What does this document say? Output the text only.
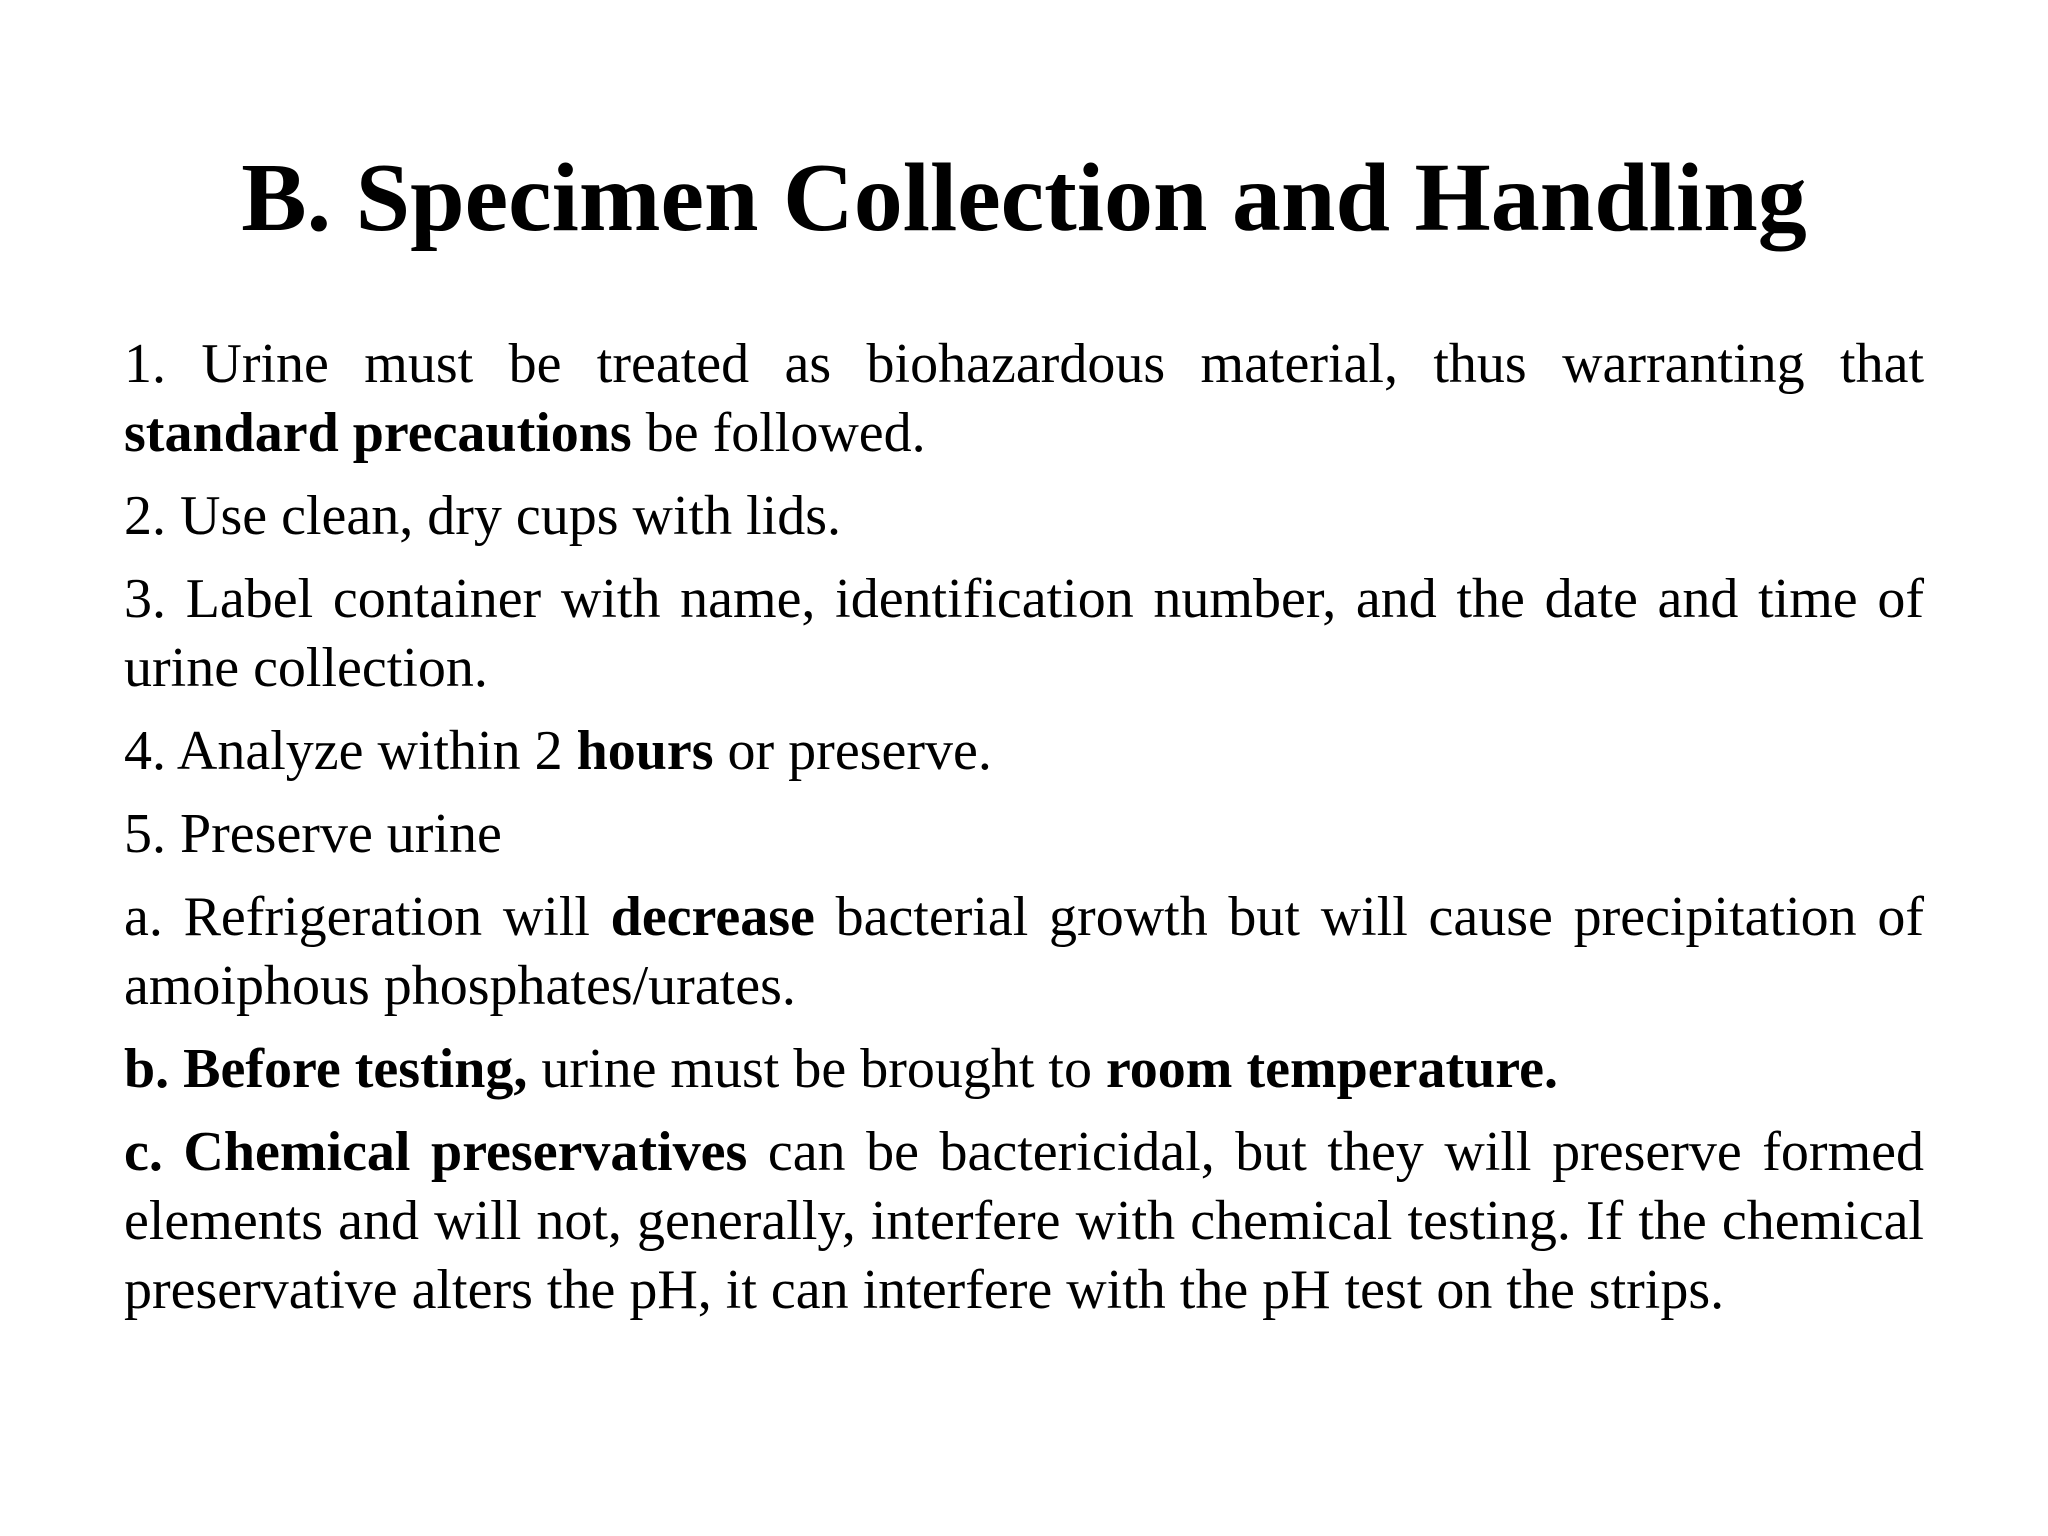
B. Specimen Collection and Handling

1. Urine must be treated as biohazardous material, thus warranting that standard precautions be followed.

2. Use clean, dry cups with lids.

3. Label container with name, identification number, and the date and time of urine collection.

4. Analyze within 2 hours or preserve.

5. Preserve urine

a. Refrigeration will decrease bacterial growth but will cause precipitation of amoiphous phosphates/urates.

b. Before testing, urine must be brought to room temperature.

c. Chemical preservatives can be bactericidal, but they will preserve formed elements and will not, generally, interfere with chemical testing. If the chemical preservative alters the pH, it can interfere with the pH test on the strips.
